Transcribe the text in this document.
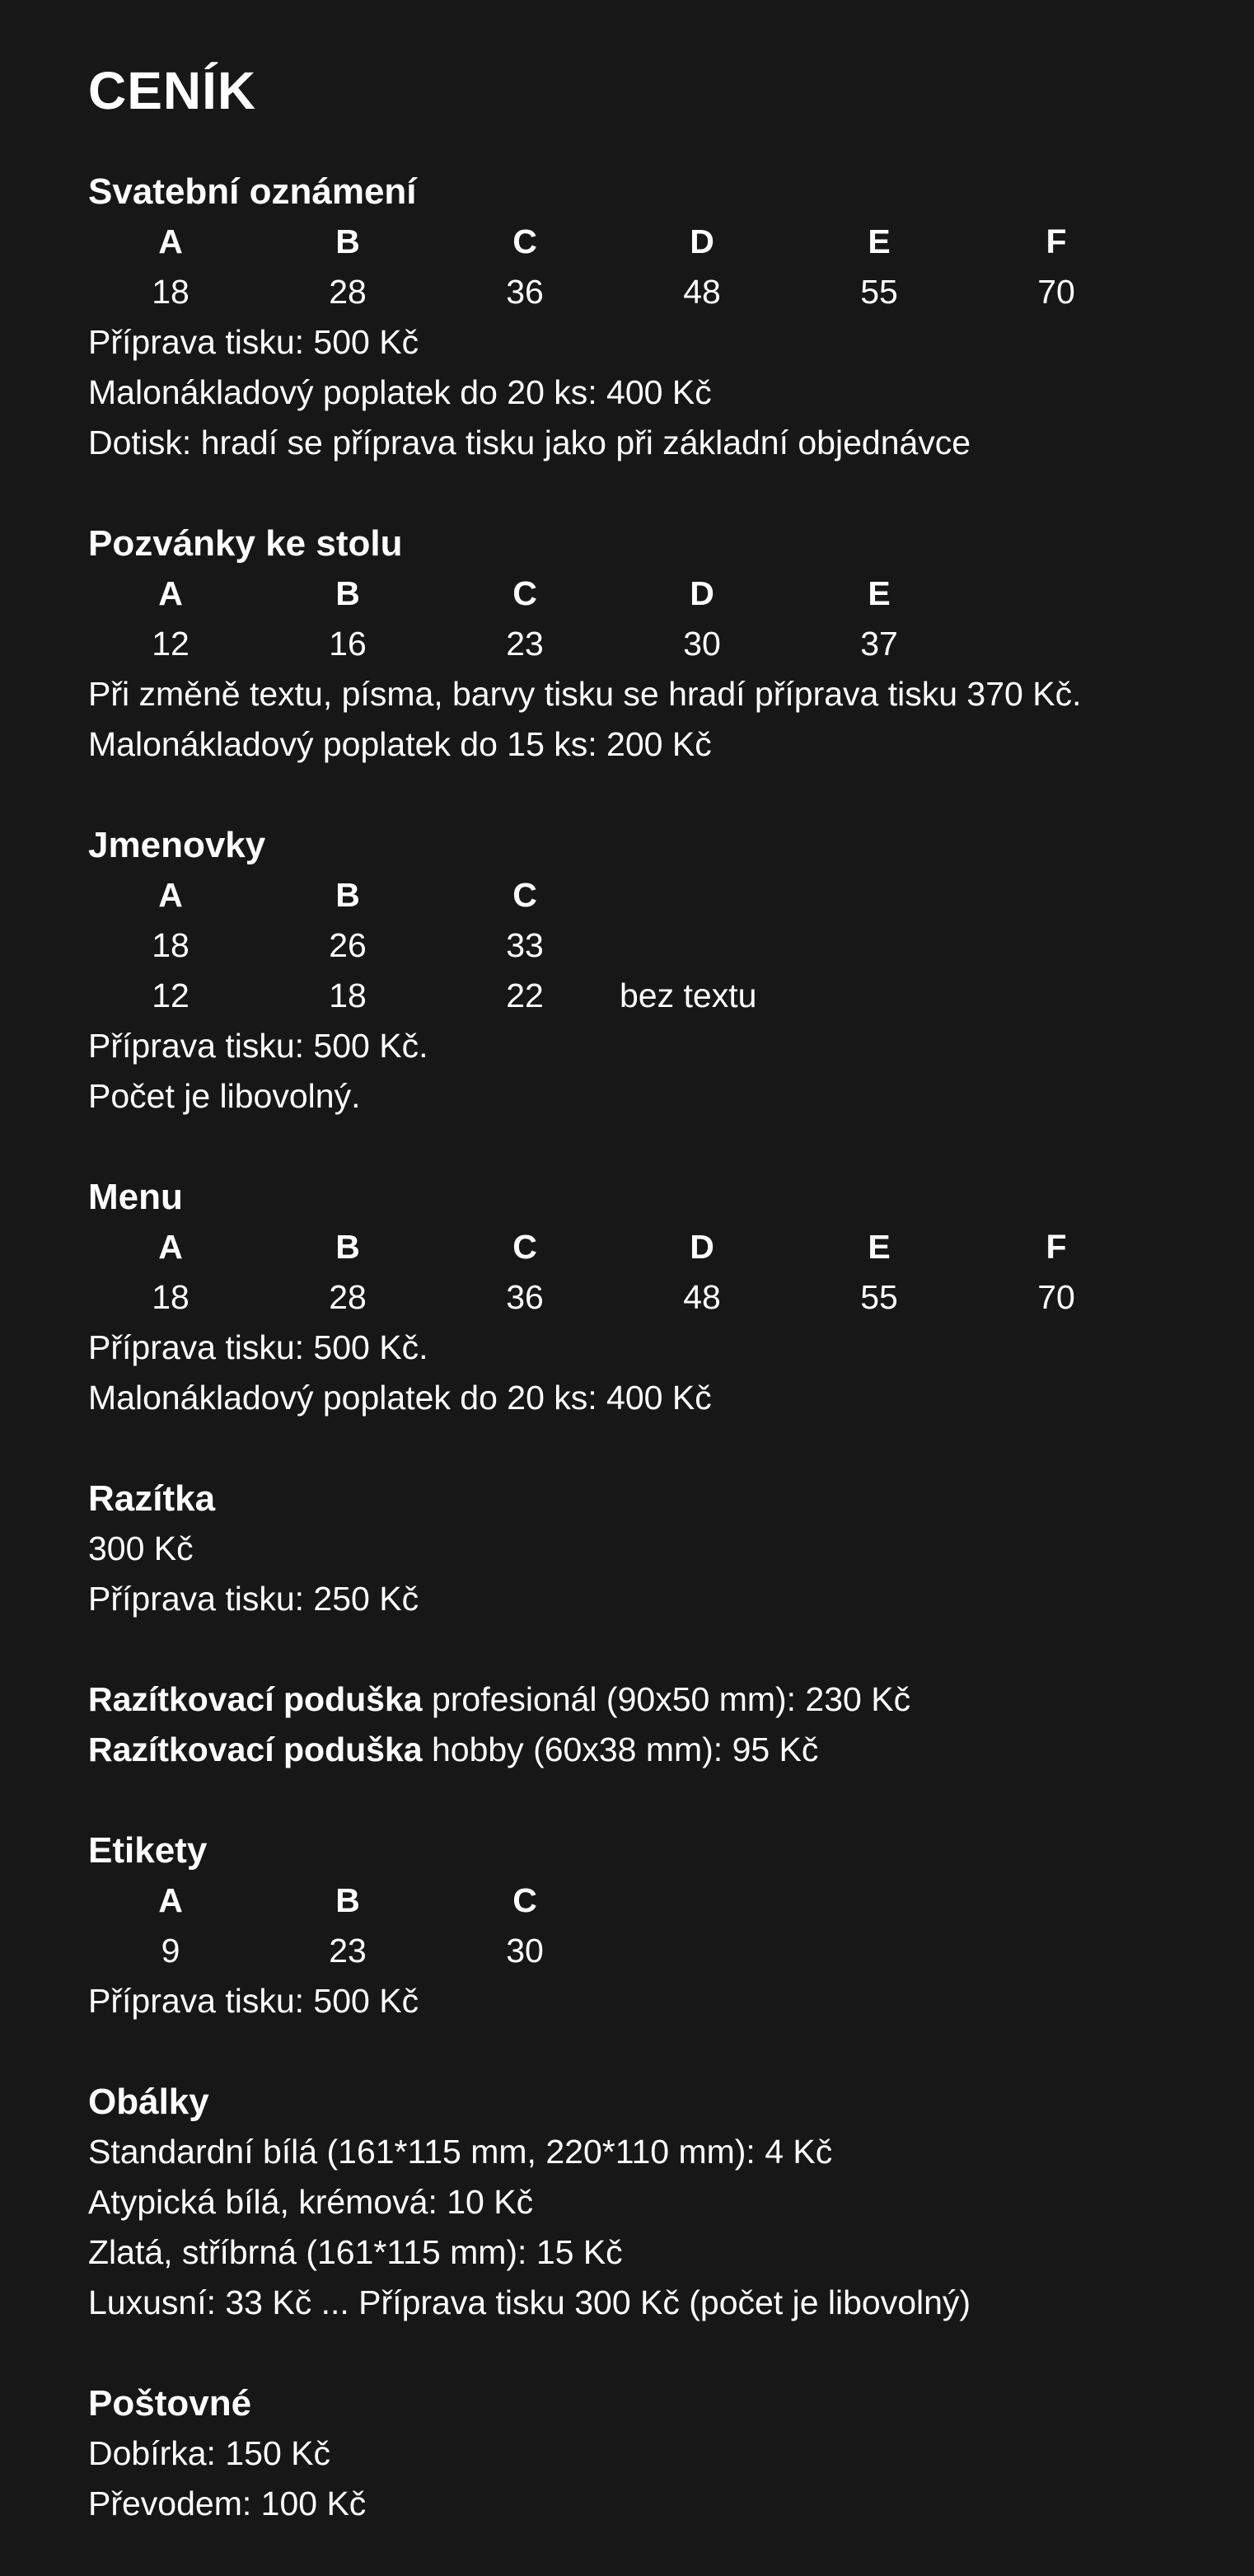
CENÍK
Svatební oznámení
A	B	C	D	E	F
18	28	36	48	55	70
Příprava tisku: 500 Kč
Malonákladový poplatek do 20 ks: 400 Kč
Dotisk: hradí se příprava tisku jako při základní objednávce
Pozvánky ke stolu
A	B	C	D	E
12	16	23	30	37
Při změně textu, písma, barvy tisku se hradí příprava tisku 370 Kč.
Malonákladový poplatek do 15 ks: 200 Kč
Jmenovky
A	B	C
18	26	33
12	18	22	bez textu
Příprava tisku: 500 Kč.
Počet je libovolný.
Menu
A	B	C	D	E	F
18	28	36	48	55	70
Příprava tisku: 500 Kč.
Malonákladový poplatek do 20 ks: 400 Kč
Razítka
300 Kč
Příprava tisku: 250 Kč
Razítkovací poduška profesionál (90x50 mm): 230 Kč
Razítkovací poduška hobby (60x38 mm): 95 Kč
Etikety
A	B	C
9	23	30
Příprava tisku: 500 Kč
Obálky
Standardní bílá (161*115 mm, 220*110 mm): 4 Kč
Atypická bílá, krémová: 10 Kč
Zlatá, stříbrná (161*115 mm): 15 Kč
Luxusní: 33 Kč ... Příprava tisku 300 Kč (počet je libovolný)
Poštovné
Dobírka: 150 Kč
Převodem: 100 Kč
